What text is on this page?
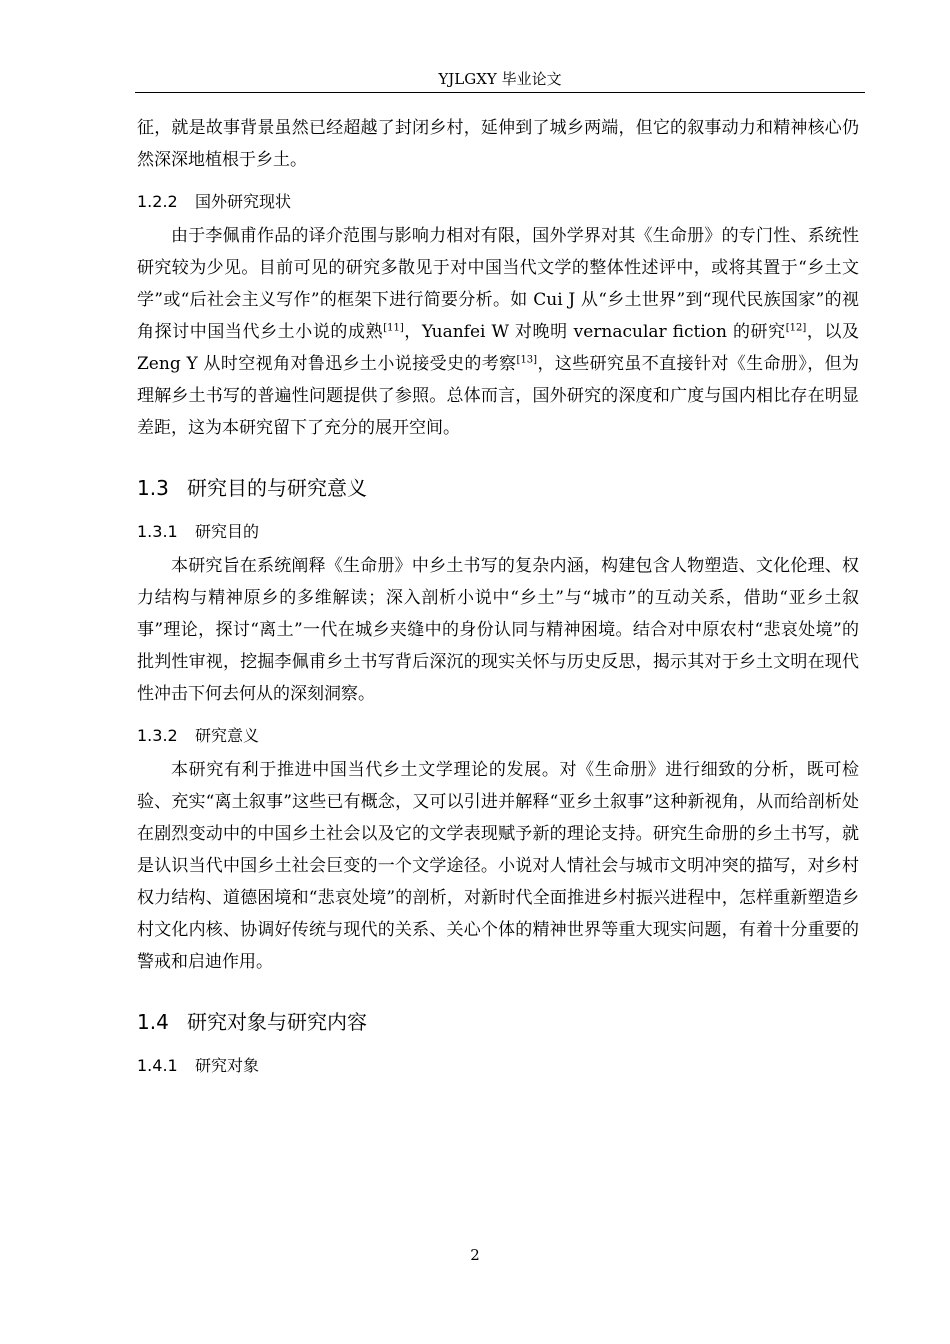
YJLGXY 毕业论文

征，就是故事背景虽然已经超越了封闭乡村，延伸到了城乡两端，但它的叙事动力和精神核心仍然深深地植根于乡土。

1.2.2 国外研究现状

由于李佩甫作品的译介范围与影响力相对有限，国外学界对其《生命册》的专门性、系统性研究较为少见。目前可见的研究多散见于对中国当代文学的整体性述评中，或将其置于“乡土文学”或“后社会主义写作”的框架下进行简要分析。如 Cui J 从“乡土世界”到“现代民族国家”的视角探讨中国当代乡土小说的成熟[11]，Yuanfei W 对晚明 vernacular fiction 的研究[12]，以及 Zeng Y 从时空视角对鲁迅乡土小说接受史的考察[13]，这些研究虽不直接针对《生命册》，但为理解乡土书写的普遍性问题提供了参照。总体而言，国外研究的深度和广度与国内相比存在明显差距，这为本研究留下了充分的展开空间。

1.3 研究目的与研究意义
1.3.1 研究目的

本研究旨在系统阐释《生命册》中乡土书写的复杂内涵，构建包含人物塑造、文化伦理、权力结构与精神原乡的多维解读；深入剖析小说中“乡土”与“城市”的互动关系，借助“亚乡土叙事”理论，探讨“离土”一代在城乡夹缝中的身份认同与精神困境。结合对中原农村“悲哀处境”的批判性审视，挖掘李佩甫乡土书写背后深沉的现实关怀与历史反思，揭示其对于乡土文明在现代性冲击下何去何从的深刻洞察。

1.3.2 研究意义

本研究有利于推进中国当代乡土文学理论的发展。对《生命册》进行细致的分析，既可检验、充实“离土叙事”这些已有概念，又可以引进并解释“亚乡土叙事”这种新视角，从而给剖析处在剧烈变动中的中国乡土社会以及它的文学表现赋予新的理论支持。研究生命册的乡土书写，就是认识当代中国乡土社会巨变的一个文学途径。小说对人情社会与城市文明冲突的描写，对乡村权力结构、道德困境和“悲哀处境”的剖析，对新时代全面推进乡村振兴进程中，怎样重新塑造乡村文化内核、协调好传统与现代的关系、关心个体的精神世界等重大现实问题，有着十分重要的警戒和启迪作用。

1.4 研究对象与研究内容
1.4.1 研究对象
2
